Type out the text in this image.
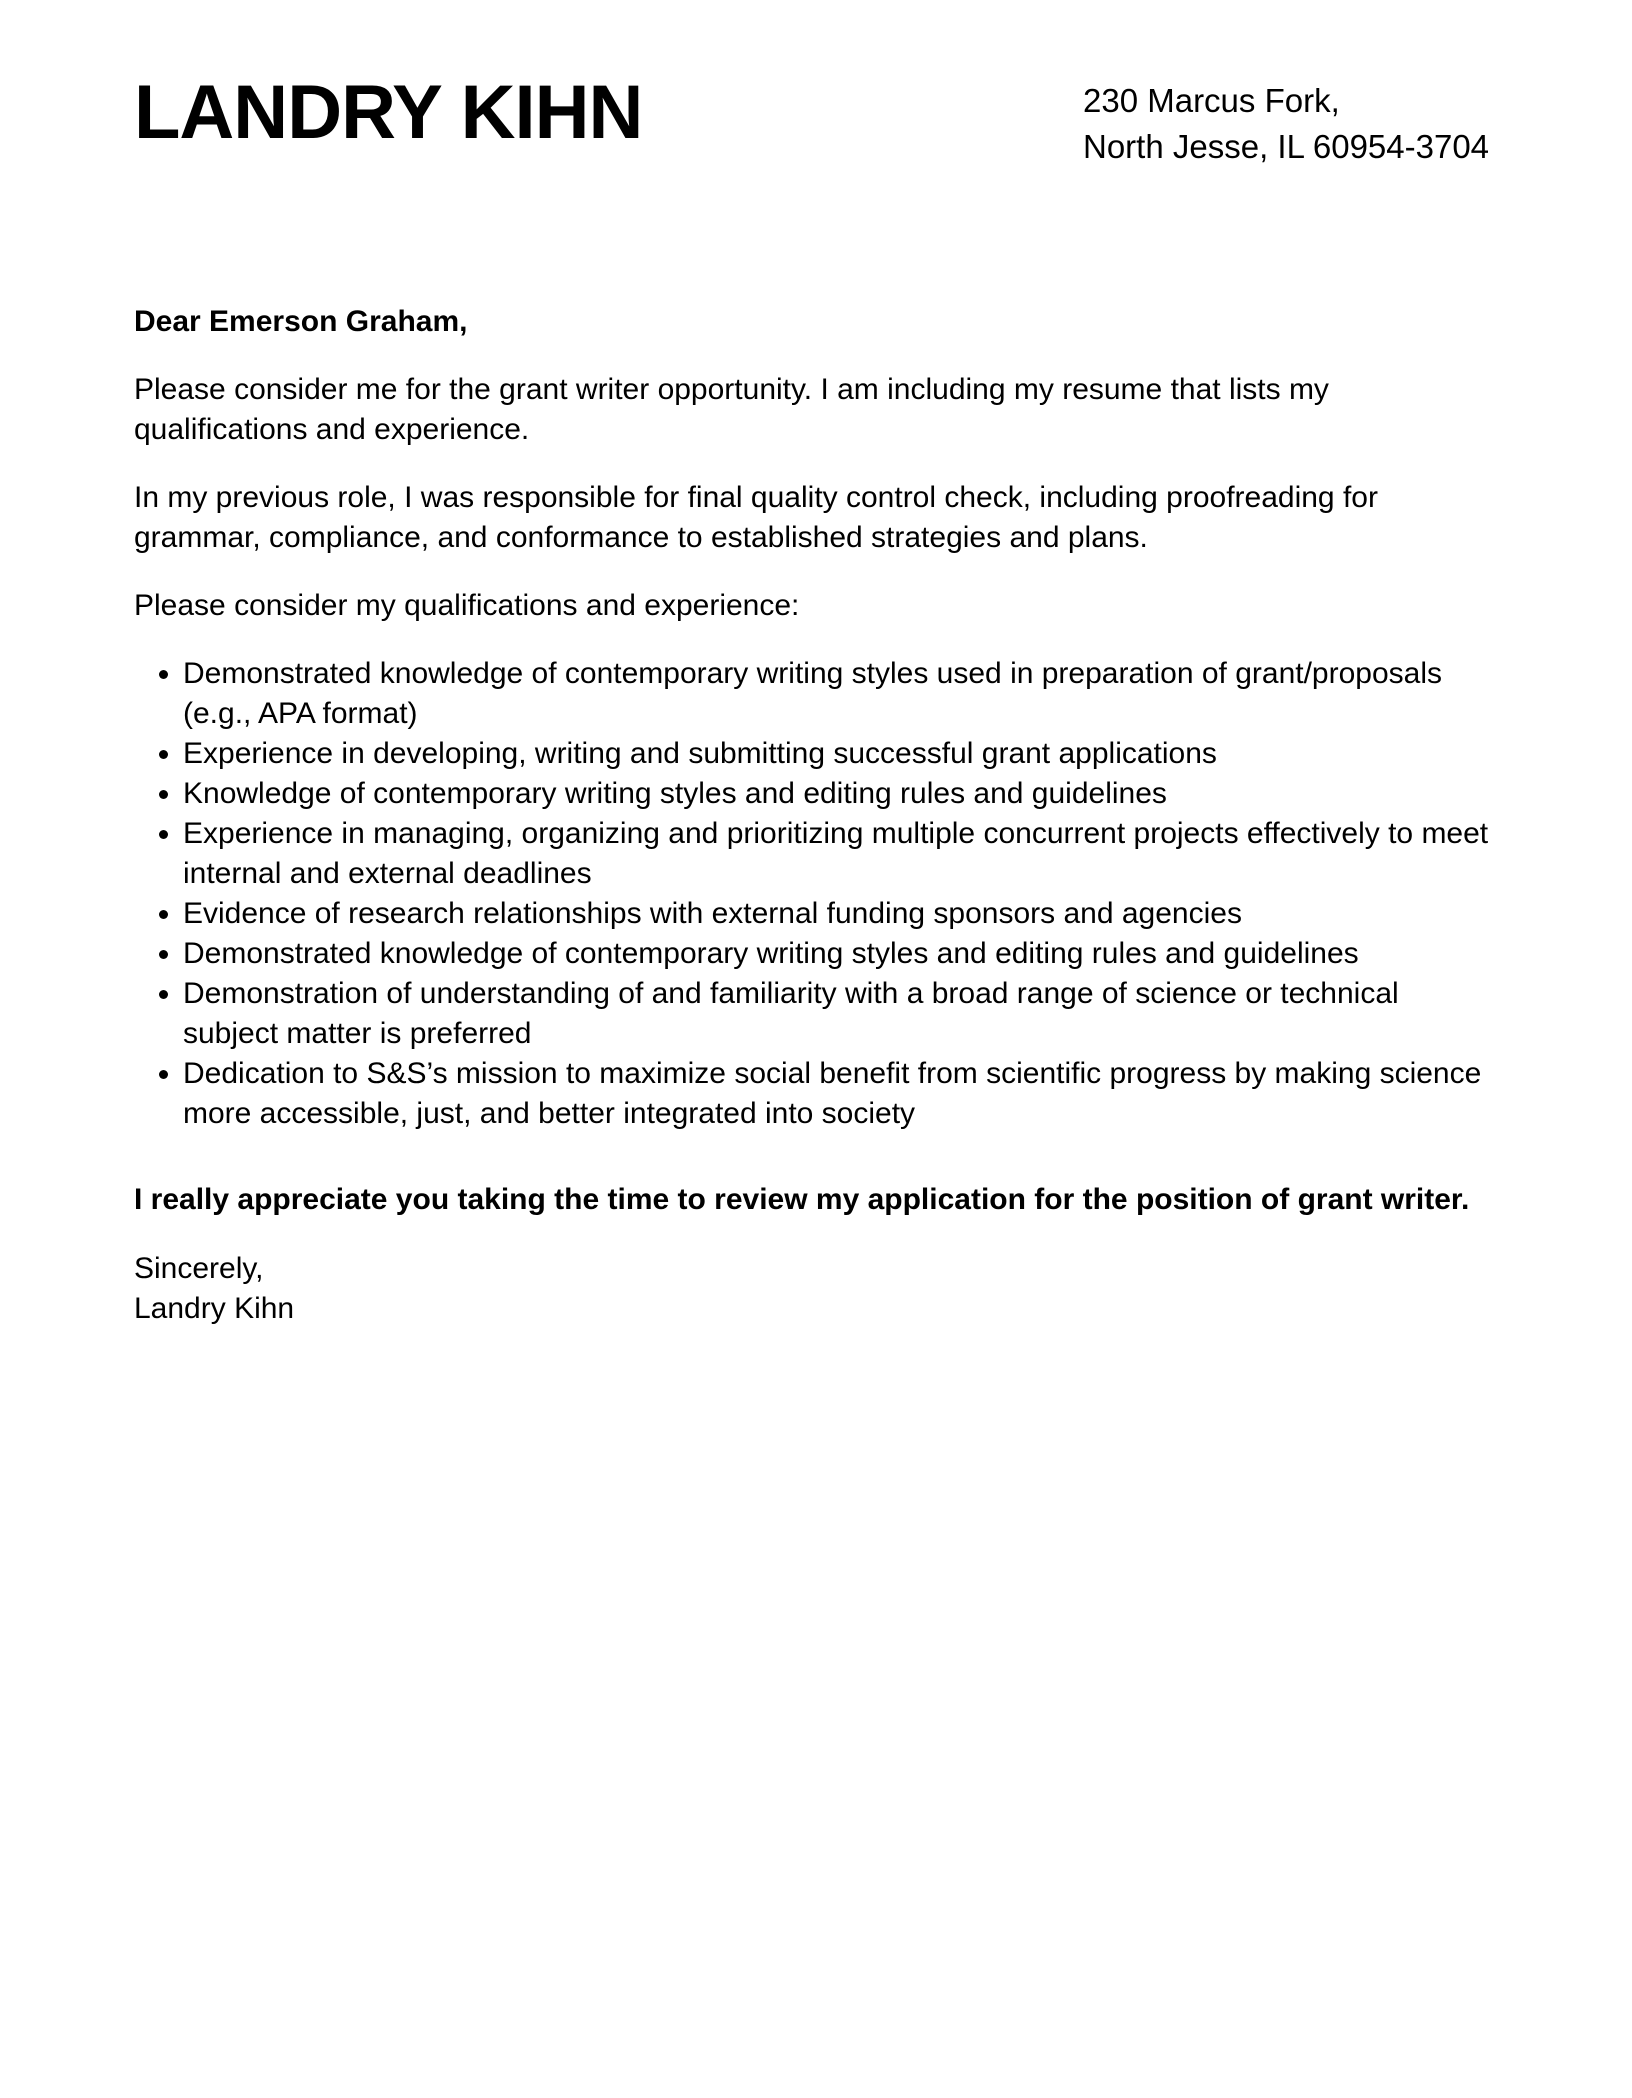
LANDRY KIHN	230 Marcus Fork,
North Jesse, IL 60954-3704

Dear Emerson Graham,

Please consider me for the grant writer opportunity. I am including my resume that lists my qualifications and experience.

In my previous role, I was responsible for final quality control check, including proofreading for grammar, compliance, and conformance to established strategies and plans.

Please consider my qualifications and experience:

• Demonstrated knowledge of contemporary writing styles used in preparation of grant/proposals (e.g., APA format)
• Experience in developing, writing and submitting successful grant applications
• Knowledge of contemporary writing styles and editing rules and guidelines
• Experience in managing, organizing and prioritizing multiple concurrent projects effectively to meet internal and external deadlines
• Evidence of research relationships with external funding sponsors and agencies
• Demonstrated knowledge of contemporary writing styles and editing rules and guidelines
• Demonstration of understanding of and familiarity with a broad range of science or technical subject matter is preferred
• Dedication to S&S’s mission to maximize social benefit from scientific progress by making science more accessible, just, and better integrated into society

I really appreciate you taking the time to review my application for the position of grant writer.

Sincerely,
Landry Kihn
